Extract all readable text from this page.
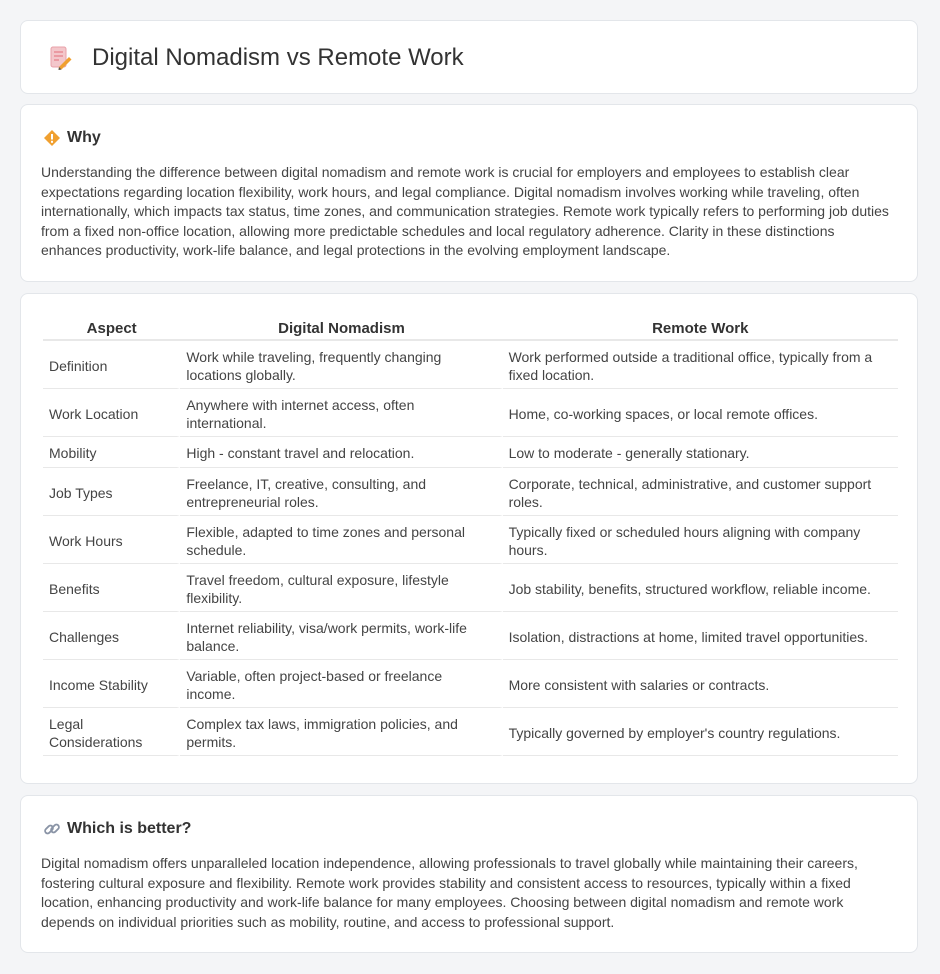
Digital Nomadism vs Remote Work
Why

Understanding the difference between digital nomadism and remote work is crucial for employers and employees to establish clear expectations regarding location flexibility, work hours, and legal compliance. Digital nomadism involves working while traveling, often internationally, which impacts tax status, time zones, and communication strategies. Remote work typically refers to performing job duties from a fixed non-office location, allowing more predictable schedules and local regulatory adherence. Clarity in these distinctions enhances productivity, work-life balance, and legal protections in the evolving employment landscape.

Aspect	Digital Nomadism	Remote Work
Definition	Work while traveling, frequently changing locations globally.	Work performed outside a traditional office, typically from a fixed location.
Work Location	Anywhere with internet access, often international.	Home, co-working spaces, or local remote offices.
Mobility	High - constant travel and relocation.	Low to moderate - generally stationary.
Job Types	Freelance, IT, creative, consulting, and entrepreneurial roles.	Corporate, technical, administrative, and customer support roles.
Work Hours	Flexible, adapted to time zones and personal schedule.	Typically fixed or scheduled hours aligning with company hours.
Benefits	Travel freedom, cultural exposure, lifestyle flexibility.	Job stability, benefits, structured workflow, reliable income.
Challenges	Internet reliability, visa/work permits, work-life balance.	Isolation, distractions at home, limited travel opportunities.
Income Stability	Variable, often project-based or freelance income.	More consistent with salaries or contracts.
Legal Considerations	Complex tax laws, immigration policies, and permits.	Typically governed by employer's country regulations.
Which is better?

Digital nomadism offers unparalleled location independence, allowing professionals to travel globally while maintaining their careers, fostering cultural exposure and flexibility. Remote work provides stability and consistent access to resources, typically within a fixed location, enhancing productivity and work-life balance for many employees. Choosing between digital nomadism and remote work depends on individual priorities such as mobility, routine, and access to professional support.
